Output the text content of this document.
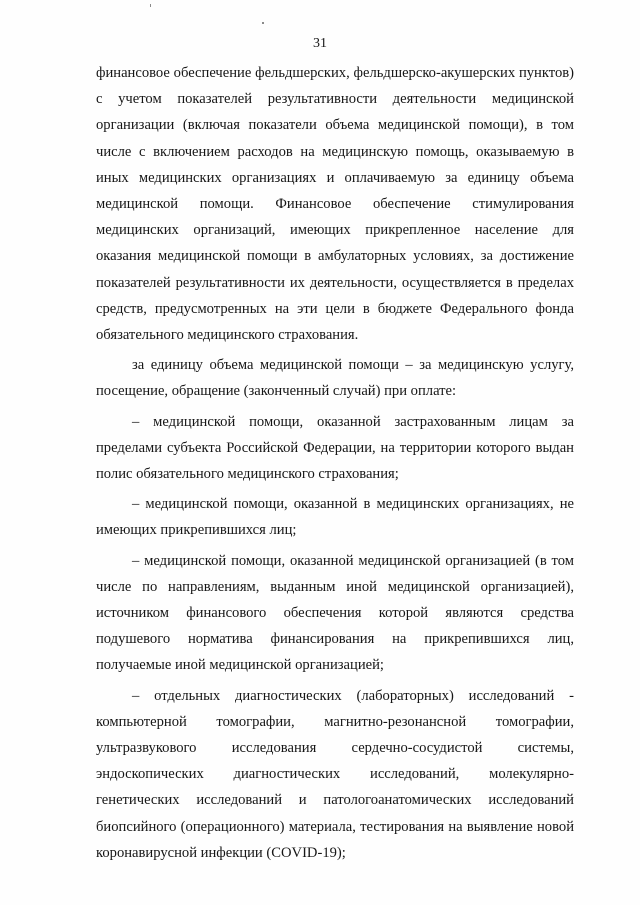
31

финансовое обеспечение фельдшерских, фельдшерско-акушерских пунктов) с учетом показателей результативности деятельности медицинской организации (включая показатели объема медицинской помощи), в том числе с включением расходов на медицинскую помощь, оказываемую в иных медицинских организациях и оплачиваемую за единицу объема медицинской помощи. Финансовое обеспечение стимулирования медицинских организаций, имеющих прикрепленное население для оказания медицинской помощи в амбулаторных условиях, за достижение показателей результативности их деятельности, осуществляется в пределах средств, предусмотренных на эти цели в бюджете Федерального фонда обязательного медицинского страхования.

за единицу объема медицинской помощи – за медицинскую услугу, посещение, обращение (законченный случай) при оплате:

– медицинской помощи, оказанной застрахованным лицам за пределами субъекта Российской Федерации, на территории которого выдан полис обязательного медицинского страхования;

– медицинской помощи, оказанной в медицинских организациях, не имеющих прикрепившихся лиц;

– медицинской помощи, оказанной медицинской организацией (в том числе по направлениям, выданным иной медицинской организацией), источником финансового обеспечения которой являются средства подушевого норматива финансирования на прикрепившихся лиц, получаемые иной медицинской организацией;

– отдельных диагностических (лабораторных) исследований - компьютерной томографии, магнитно-резонансной томографии, ультразвукового исследования сердечно-сосудистой системы, эндоскопических диагностических исследований, молекулярно-генетических исследований и патологоанатомических исследований биопсийного (операционного) материала, тестирования на выявление новой коронавирусной инфекции (COVID-19);
